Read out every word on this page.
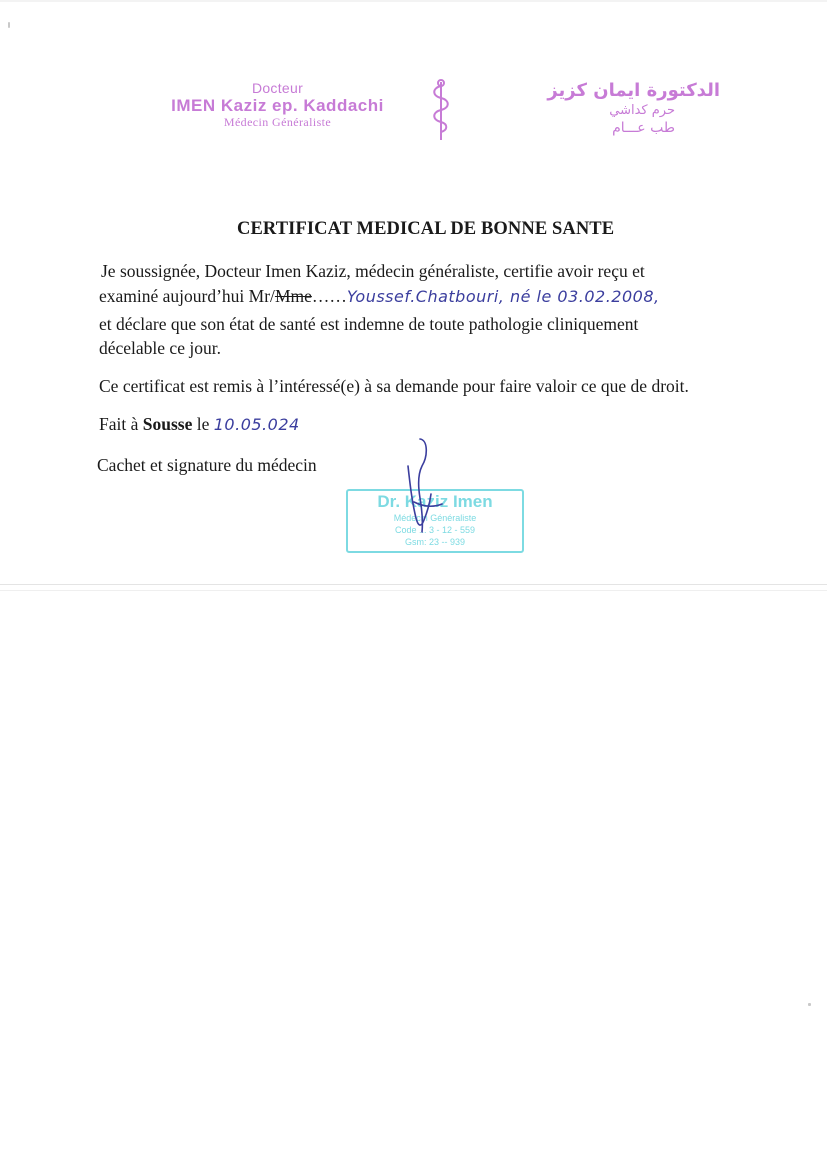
Docteur
IMEN Kaziz ep. Kaddachi
Médecin Généraliste
الدكتورة ايمان كزيز
حرم كداشي
طب عـــام
CERTIFICAT MEDICAL DE BONNE SANTE
Je soussignée, Docteur Imen Kaziz, médecin généraliste, certifie avoir reçu et
examiné aujourd’hui Mr/Mme……Youssef.Chatbouri, né le 03.02.2008,
et déclare que son état de santé est indemne de toute pathologie cliniquement
décelable ce jour.
Ce certificat est remis à l’intéressé(e) à sa demande pour faire valoir ce que de droit.
Fait à Sousse le 10.05.024
Cachet et signature du médecin
Dr. Kaziz Imen
Médecin Généraliste
Code ... 3 - 12 - 559
Gsm: 23 -- 939
